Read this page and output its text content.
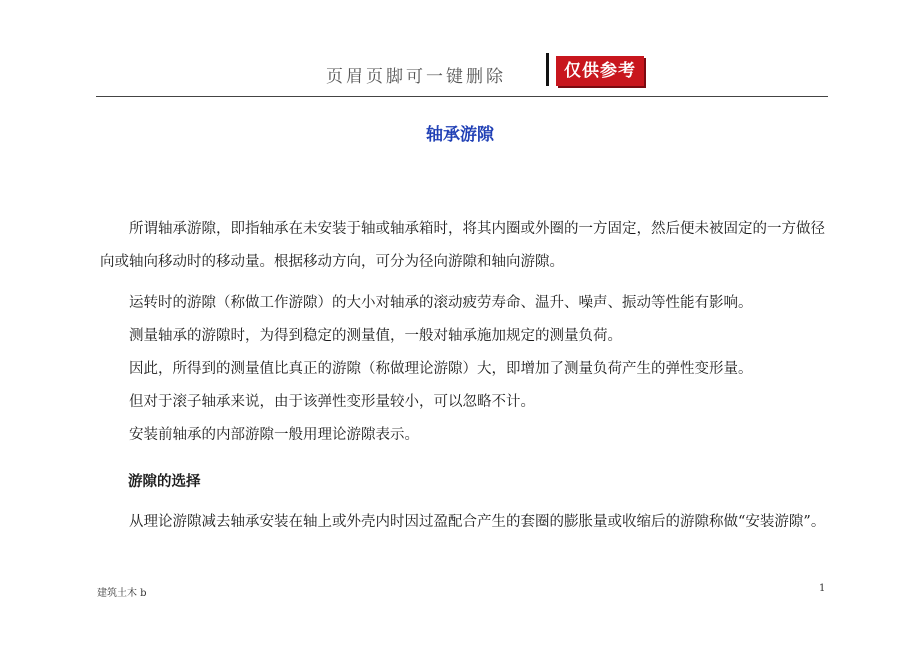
页眉页脚可一键删除	仅供参考
轴承游隙

所谓轴承游隙，即指轴承在未安装于轴或轴承箱时，将其内圈或外圈的一方固定，然后便未被固定的一方做径向或轴向移动时的移动量。根据移动方向，可分为径向游隙和轴向游隙。

运转时的游隙（称做工作游隙）的大小对轴承的滚动疲劳寿命、温升、噪声、振动等性能有影响。

测量轴承的游隙时，为得到稳定的测量值，一般对轴承施加规定的测量负荷。

因此，所得到的测量值比真正的游隙（称做理论游隙）大，即增加了测量负荷产生的弹性变形量。

但对于滚子轴承来说，由于该弹性变形量较小，可以忽略不计。

安装前轴承的内部游隙一般用理论游隙表示。

游隙的选择

从理论游隙减去轴承安装在轴上或外壳内时因过盈配合产生的套圈的膨胀量或收缩后的游隙称做“安装游隙”。

建筑土木 b	1
